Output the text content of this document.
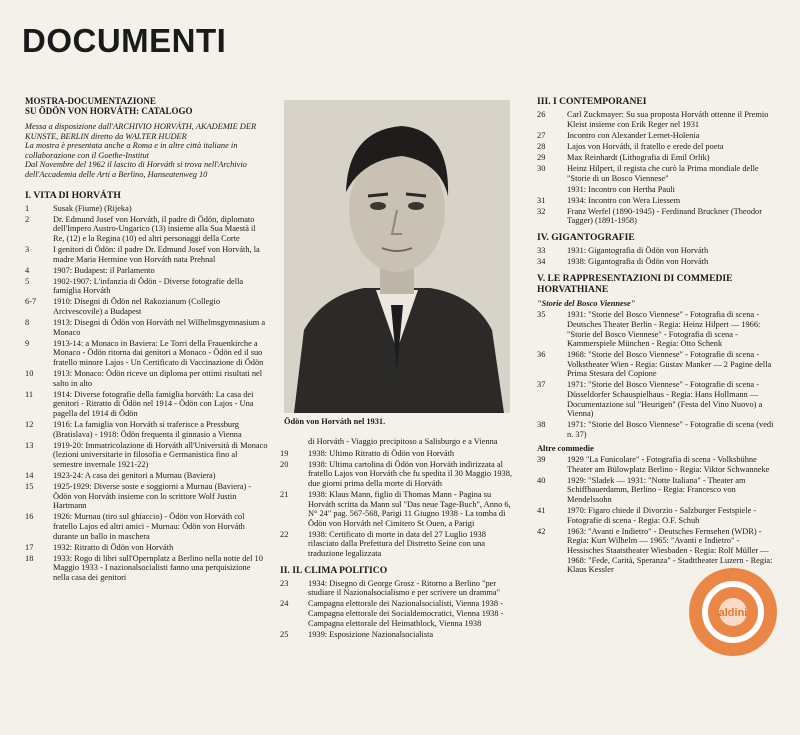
DOCUMENTI
MOSTRA-DOCUMENTAZIONE
SU ÖDÖN VON HORVÁTH: CATALOGO
Messa a disposizione dall'ARCHIVIO HORVÁTH, AKADEMIE DER KUNSTE, BERLIN diretto da WALTER HUDER
La mostra è presentata anche a Roma e in altre città italiane in collaborazione con il Goethe-Institut
Dal Novembre del 1962 il lascito di Horváth si trova nell'Archivio dell'Accademia delle Arti a Berlino, Hanseatenweg 10
I. VITA DI HORVÁTH
1	Susak (Fiume) (Rijeka)
2	Dr. Edmund Josef von Horváth, il padre di Ödön, diplomato dell'Impero Austro-Ungarico (13) insieme alla Sua Maestà il Re, (12) e la Regina (10) ed altri personaggi della Corte
3	I genitori di Ödön: il padre Dr. Edmund Josef von Horváth, la madre Maria Hermine von Horváth nata Prehnal
4	1907: Budapest: il Parlamento
5	1902-1907: L'infanzia di Ödön - Diverse fotografie della famiglia Horváth
6-7	1910: Disegni di Ödön nel Rakozianum (Collegio Arcivescovile) a Budapest
8	1913: Disegni di Ödön von Horváth nel Wilhelmsgymnasium a Monaco
9	1913-14: a Monaco in Baviera: Le Torri della Frauenkirche a Monaco - Ödön ritorna dai genitori a Monaco - Ödön ed il suo fratello minore Lajos - Un Certificato di Vaccinazione di Ödön
10	1913: Monaco: Ödön riceve un diploma per ottimi risultati nel salto in alto
11	1914: Diverse fotografie della famiglia horváth: La casa dei genitori - Ritratto di Ödön nel 1914 - Ödön con Lajos - Una pagella del 1914 di Ödön
12	1916: La famiglia von Horváth si traferisce a Pressburg (Bratislava) - 1918: Ödön frequenta il ginnasio a Vienna
13	1919-20: Immatricolazione di Horváth all'Università di Monaco (lezioni universitarie in filosofia e Germanistica fino al semestre invernale 1921-22)
14	1923-24: A casa dei genitori a Murnau (Baviera)
15	1925-1929: Diverse soste e soggiorni a Murnau (Baviera) - Ödön von Horváth insieme con lo scrittore Wolf Justin Hartmann
16	1926: Murnau (tiro sul ghiaccio) - Ödön von Horváth col fratello Lajos ed altri amici - Murnau: Ödön von Horváth durante un ballo in maschera
17	1932: Ritratto di Ödön von Horváth
18	1933: Rogo di libri sull'Opernplatz a Berlino nella notte del 10 Maggio 1933 - I nazionalsocialisti fanno una perquisizione nella casa dei genitori
Ödön von Horváth nel 1931.
di Horváth - Viaggio precipitoso a Salisburgo e a Vienna
19	1938: Ultimo Ritratto di Ödön von Horváth
20	1938: Ultima cartolina di Ödön von Horváth indirizzata al fratello Lajos von Horváth che fu spedita il 30 Maggio 1938, due giorni prima della morte di Horváth
21	1938: Klaus Mann, figlio di Thomas Mann - Pagina su Horváth scritta da Mann sul "Das neue Tage-Buch", Anno 6, N° 24" pag. 567-568, Parigi 11 Giugno 1938 - La tomba di Ödön von Horváth nel Cimitero St Ouen, a Parigi
22	1938: Certificato di morte in data del 27 Luglio 1938 rilasciato dalla Prefettura del Distretto Seine con una traduzione legalizzata
II. IL CLIMA POLITICO
23	1934: Disegno di George Grosz - Ritorno a Berlino "per studiare il Nazionalsocialismo e per scrivere un dramma"
24	Campagna elettorale dei Nazionalsocialisti, Vienna 1938 - Campagna elettorale dei Socialdemocratici, Vienna 1938 - Campagna elettorale del Heimatblock, Vienna 1938
25	1939: Esposizione Nazionalsocialista
III. I CONTEMPORANEI
26	Carl Zuckmayer: Su sua proposta Horváth ottenne il Premio Kleist insieme con Erik Reger nel 1931
27	Incontro con Alexander Lernet-Holenia
28	Lajos von Horváth, il fratello e erede del poeta
29	Max Reinhardt (Lithografia di Emil Orlik)
30	Heinz Hilpert, il regista che curò la Prima mondiale delle "Storie di un Bosco Viennese"
1931: Incontro con Hertha Pauli
31	1934: Incontro con Wera Liessem
32	Franz Werfel (1890-1945) - Ferdinand Bruckner (Theodor Tagger) (1891-1958)
IV. GIGANTOGRAFIE
33	1931: Gigantografia di Ödön von Horváth
34	1938: Gigantografia di Ödön von Horváth
V. LE RAPPRESENTAZIONI DI COMMEDIE HORVATHIANE
"Storie del Bosco Viennese"
35	1931: "Storie del Bosco Viennese" - Fotografia di scena - Deutsches Theater Berlin - Regia: Heinz Hilpert — 1966: "Storie del Bosco Viennese" - Fotografia di scena - Kammerspiele München - Regia: Otto Schenk
36	1968: "Storie del Bosco Viennese" - Fotografie di scena - Volkstheater Wien - Regia: Gustav Manker — 2 Pagine della Prima Stesura del Copione
37	1971: "Storie del Bosco Viennese" - Fotografie di scena - Düsseldorfer Schauspielhaus - Regia: Hans Hollmann — Documentazione sul "Heurigen" (Festa del Vino Nuovo) a Vienna)
38	1971: "Storie del Bosco Viennese" - Fotografie di scena (vedi n. 37)
Altre commedie
39	1929 "La Funicolare" - Fotografia di scena - Volksbühne Theater am Bülowplatz Berlino - Regia: Viktor Schwanneke
40	1929: "Sladek — 1931: "Notte Italiana" - Theater am Schiffbauerdamm, Berlino - Regia: Francesco von Mendelssohn
41	1970: Figaro chiede il Divorzio - Salzburger Festspiele - Fotografie di scena - Regia: O.F. Schuh
42	1963: "Avanti e Indietro" - Deutsches Fernsehen (WDR) - Regia: Kurt Wilhelm — 1965: "Avanti e Indietro" - Hessisches Staatstheater Wiesbaden - Regia: Rolf Müller — 1968: "Fede, Carità, Speranza" - Stadttheater Luzern - Regia: Klaus Kessler
aldini
